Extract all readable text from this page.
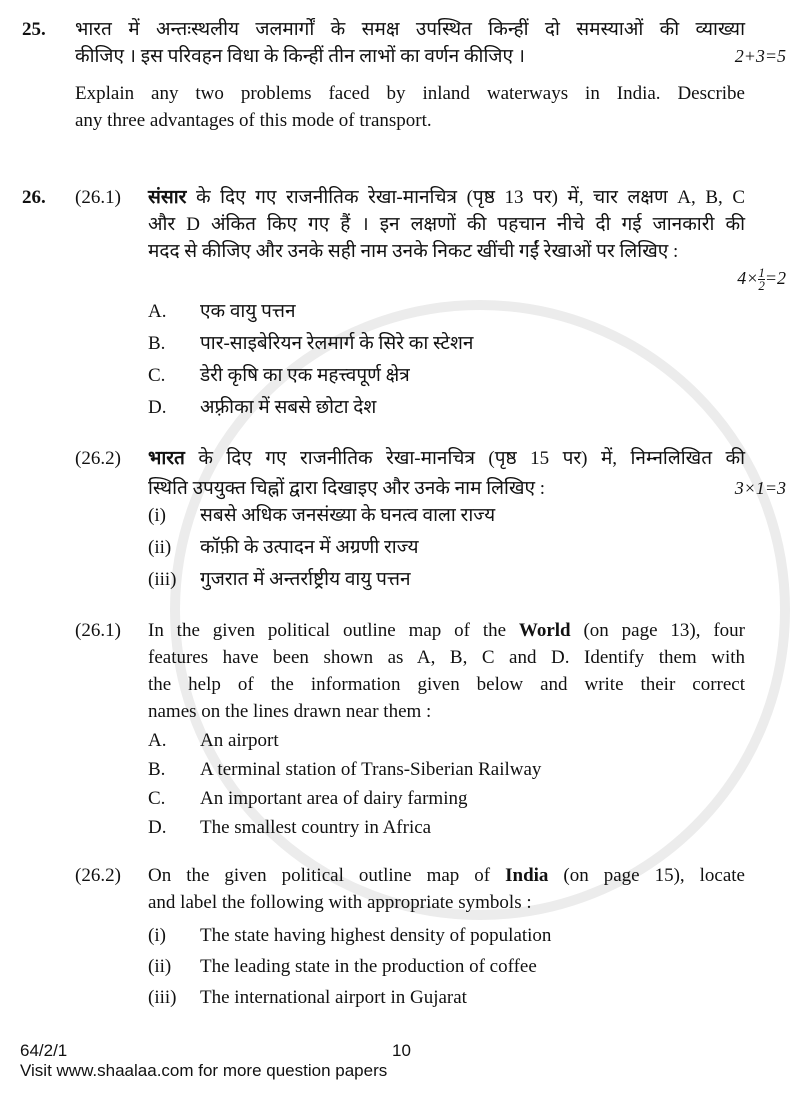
25.	भारत में अन्तःस्थलीय जलमार्गों के समक्ष उपस्थित किन्हीं दो समस्याओं की व्याख्या
कीजिए । इस परिवहन विधा के किन्हीं तीन लाभों का वर्णन कीजिए ।	2+3=5
Explain any two problems faced by inland waterways in India. Describe
any three advantages of this mode of transport.
26.	(26.1)	संसार के दिए गए राजनीतिक रेखा-मानचित्र (पृष्ठ 13 पर) में, चार लक्षण A, B, C
और D अंकित किए गए हैं । इन लक्षणों की पहचान नीचे दी गई जानकारी की
मदद से कीजिए और उनके सही नाम उनके निकट खींची गईं रेखाओं पर लिखिए :
$4\times \frac{1}{2} =2$
A.	एक वायु पत्तन
B.	पार-साइबेरियन रेलमार्ग के सिरे का स्टेशन
C.	डेरी कृषि का एक महत्त्वपूर्ण क्षेत्र
D.	अफ़्रीका में सबसे छोटा देश
(26.2)	भारत के दिए गए राजनीतिक रेखा-मानचित्र (पृष्ठ 15 पर) में, निम्नलिखित की
स्थिति उपयुक्त चिह्नों द्वारा दिखाइए और उनके नाम लिखिए :	3×1=3
(i)	सबसे अधिक जनसंख्या के घनत्व वाला राज्य
(ii)	कॉफ़ी के उत्पादन में अग्रणी राज्य
(iii)	गुजरात में अन्तर्राष्ट्रीय वायु पत्तन
(26.1)	In the given political outline map of the World (on page 13), four
features have been shown as A, B, C and D. Identify them with
the help of the information given below and write their correct
names on the lines drawn near them :
A.	An airport
B.	A terminal station of Trans-Siberian Railway
C.	An important area of dairy farming
D.	The smallest country in Africa
(26.2)	On the given political outline map of India (on page 15), locate
and label the following with appropriate symbols :
(i)	The state having highest density of population
(ii)	The leading state in the production of coffee
(iii)	The international airport in Gujarat
64/2/1	10
Visit www.shaalaa.com for more question papers
